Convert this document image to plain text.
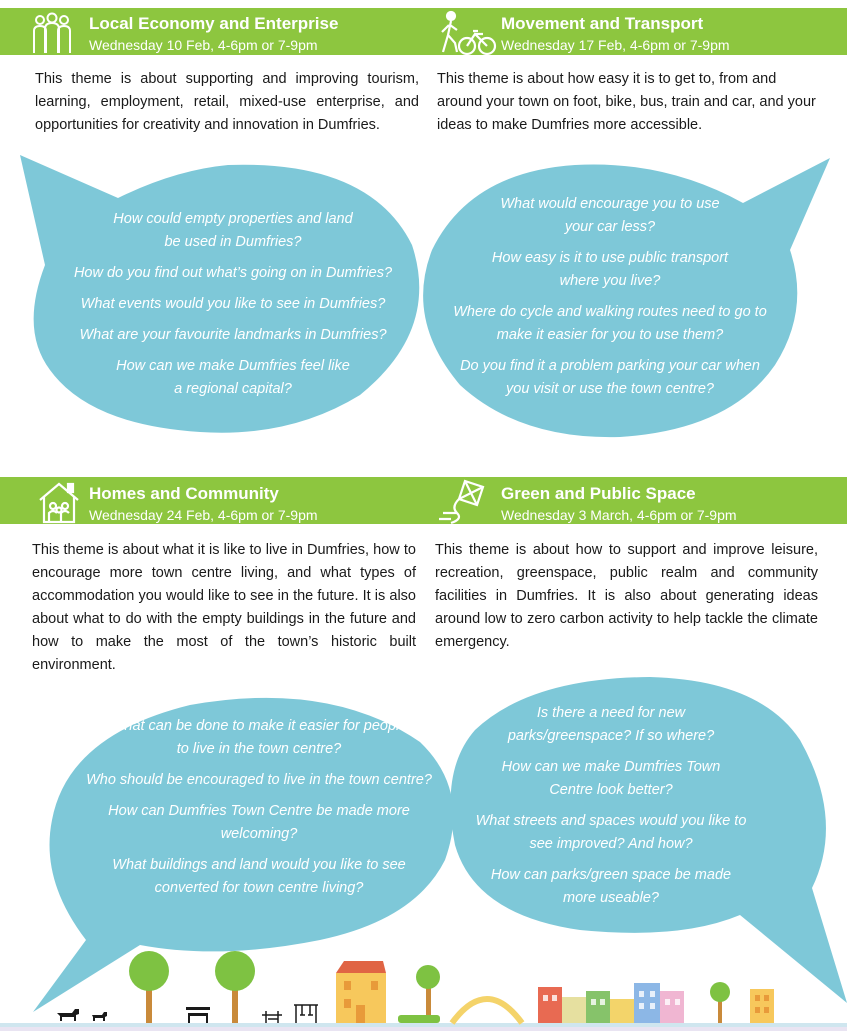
Local Economy and Enterprise
Wednesday 10 Feb, 4-6pm or 7-9pm
Movement and Transport
Wednesday 17 Feb, 4-6pm or 7-9pm
Homes and Community
Wednesday 24 Feb, 4-6pm or 7-9pm
Green and Public Space
Wednesday 3 March, 4-6pm or 7-9pm
This theme is about supporting and improving tourism, learning, employment, retail, mixed-use enterprise, and opportunities for creativity and innovation in Dumfries.
This theme is about how easy it is to get to, from and around your town on foot, bike, bus, train and car, and your ideas to make Dumfries more accessible.
This theme is about what it is like to live in Dumfries, how to encourage more town centre living, and what types of accommodation you would like to see in the future. It is also about what to do with the empty buildings in the future and how to make the most of the town’s historic built environment.
This theme is about how to support and improve leisure, recreation, greenspace, public realm and community facilities in Dumfries. It is also about generating ideas around low to zero carbon activity to help tackle the climate emergency.
How could empty properties and land be used in Dumfries?
How do you find out what’s going on in Dumfries?
What events would you like to see in Dumfries?
What are your favourite landmarks in Dumfries?
How can we make Dumfries feel like a regional capital?
What would encourage you to use your car less?
How easy is it to use public transport where you live?
Where do cycle and walking routes need to go to make it easier for you to use them?
Do you find it a problem parking your car when you visit or use the town centre?
What can be done to make it easier for people to live in the town centre?
Who should be encouraged to live in the town centre?
How can Dumfries Town Centre be made more welcoming?
What buildings and land would you like to see converted for town centre living?
Is there a need for new parks/greenspace? If so where?
How can we make Dumfries Town Centre look better?
What streets and spaces would you like to see improved? And how?
How can parks/green space be made more useable?
